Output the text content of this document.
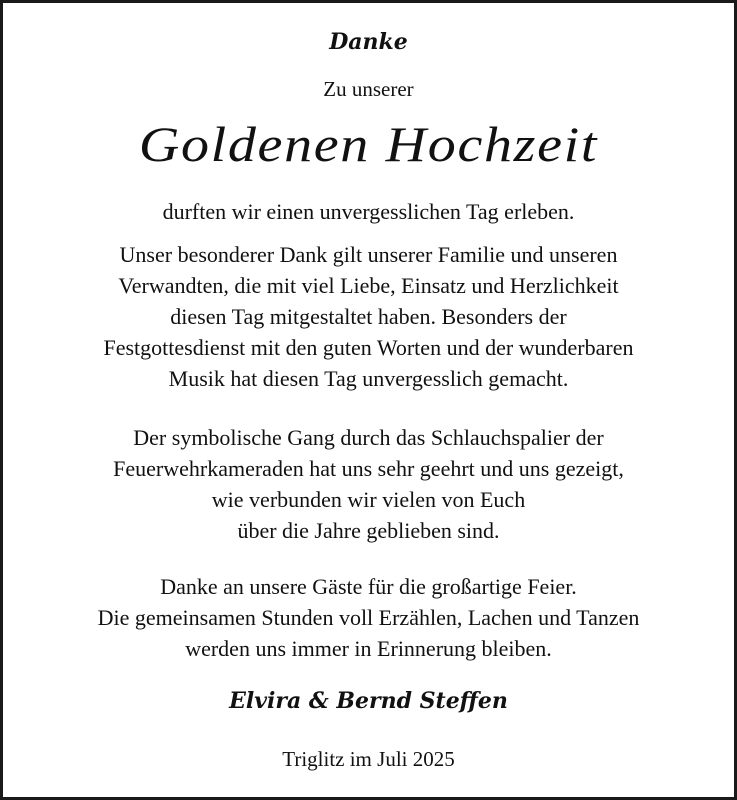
Danke
Zu unserer
Goldenen Hochzeit
durften wir einen unvergesslichen Tag erleben.
Unser besonderer Dank gilt unserer Familie und unseren
Verwandten, die mit viel Liebe, Einsatz und Herzlichkeit
diesen Tag mitgestaltet haben. Besonders der
Festgottesdienst mit den guten Worten und der wunderbaren
Musik hat diesen Tag unvergesslich gemacht.
Der symbolische Gang durch das Schlauchspalier der
Feuerwehrkameraden hat uns sehr geehrt und uns gezeigt,
wie verbunden wir vielen von Euch
über die Jahre geblieben sind.
Danke an unsere Gäste für die großartige Feier.
Die gemeinsamen Stunden voll Erzählen, Lachen und Tanzen
werden uns immer in Erinnerung bleiben.
Elvira & Bernd Steffen
Triglitz im Juli 2025
